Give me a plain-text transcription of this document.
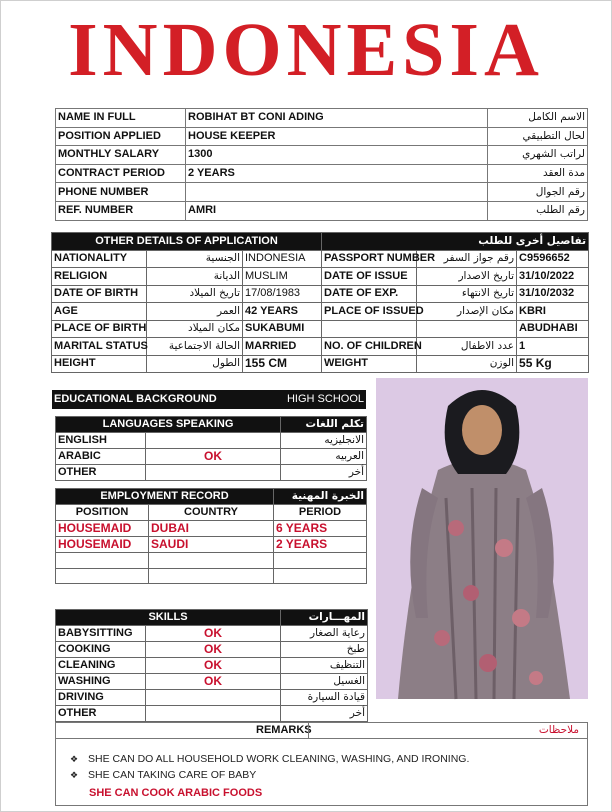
INDONESIA
NAME IN FULL	ROBIHAT BT CONI ADING	الاسم الكامل
POSITION APPLIED	HOUSE KEEPER	لحال التطبيقي
MONTHLY SALARY	1300	لراتب الشهري
CONTRACT PERIOD	2 YEARS	مدة العقد
PHONE NUMBER		رقم الجوال
REF. NUMBER	AMRI	رقم الطلب
OTHER DETAILS OF APPLICATION			تفاصيل أخرى للطلب		
NATIONALITY	الجنسية	INDONESIA	PASSPORT NUMBER	رقم جواز السفر	C9596652
RELIGION	الديانة	MUSLIM	DATE OF ISSUE	تاريخ الاصدار	31/10/2022
DATE OF BIRTH	تاريخ الميلاد	17/08/1983	DATE OF EXP.	تاريخ الانتهاء	31/10/2032
AGE	العمر	42 YEARS	PLACE OF ISSUED	مكان الإصدار	KBRI
PLACE OF BIRTH	مكان الميلاد	SUKABUMI			ABUDHABI
MARITAL STATUS	الحالة الاجتماعية	MARRIED	NO. OF CHILDREN	عدد الاطفال	1
HEIGHT	الطول	155 CM	WEIGHT	الوزن	55 Kg
EDUCATIONAL BACKGROUND	HIGH SCHOOL
LANGUAGES SPEAKING		تكلم اللغات
ENGLISH		الانجليزيه
ARABIC	OK	العربيه
OTHER		أخر
EMPLOYMENT RECORD		الخبرة المهنية
POSITION	COUNTRY	PERIOD
HOUSEMAID	DUBAI	6 YEARS
HOUSEMAID	SAUDI	2 YEARS

SKILLS		المهـــارات
BABYSITTING	OK	رعاية الصغار
COOKING	OK	طبخ
CLEANING	OK	التنظيف
WASHING	OK	الغسيل
DRIVING		قيادة السيارة
OTHER		أخر
REMARKS	ملاحظات
❖ SHE CAN DO ALL HOUSEHOLD WORK CLEANING, WASHING, AND IRONING.
❖ SHE CAN TAKING CARE OF BABY
SHE CAN COOK ARABIC FOODS
